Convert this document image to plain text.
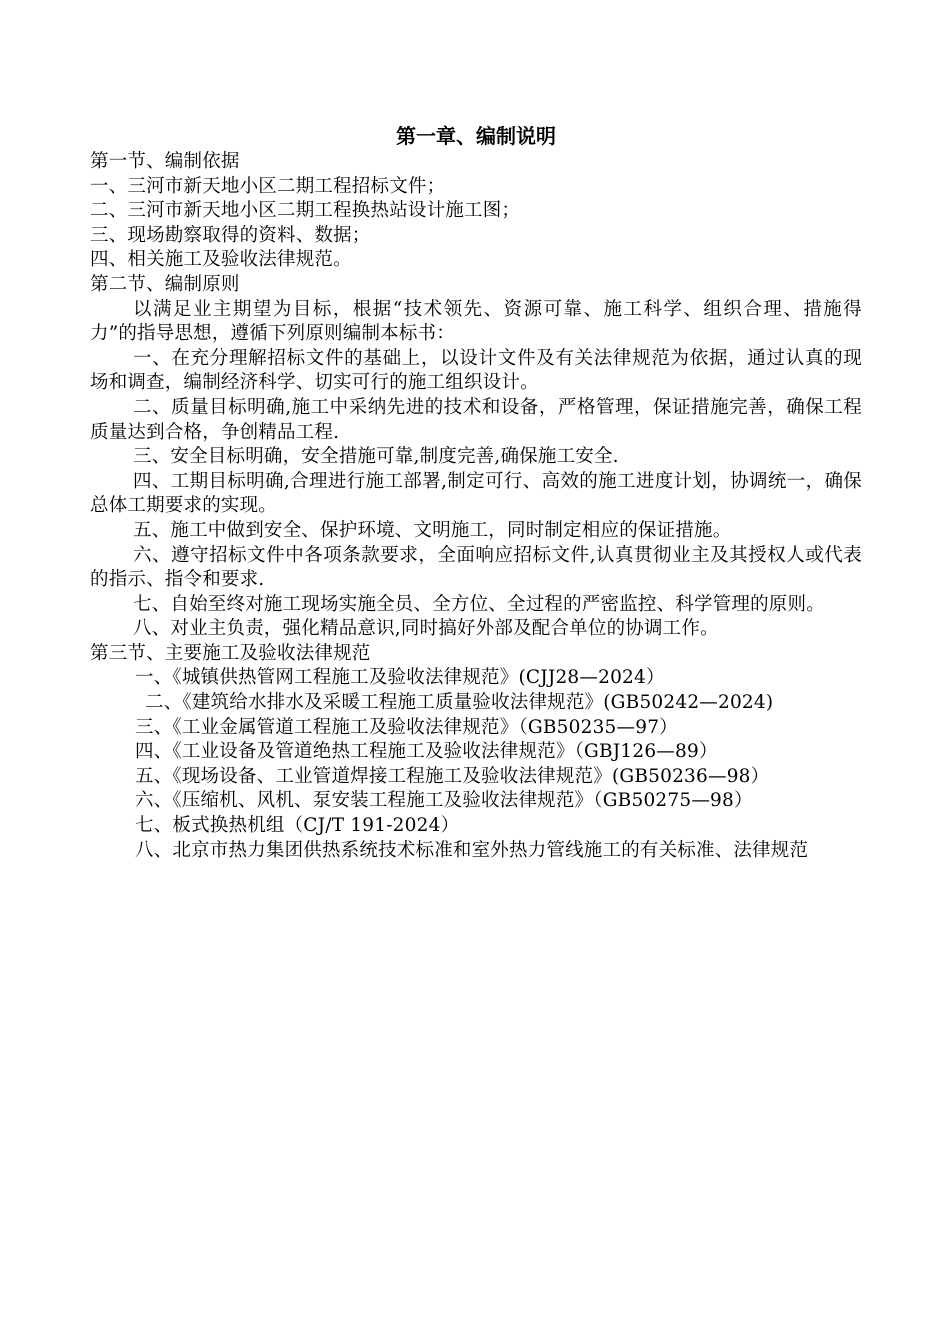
第一章、编制说明
第一节、编制依据
一、三河市新天地小区二期工程招标文件；
二、三河市新天地小区二期工程换热站设计施工图；
三、现场勘察取得的资料、数据；
四、相关施工及验收法律规范。
第二节、编制原则
以满足业主期望为目标，根据“技术领先、资源可靠、施工科学、组织合理、措施得力”的指导思想，遵循下列原则编制本标书：
一、在充分理解招标文件的基础上，以设计文件及有关法律规范为依据，通过认真的现场和调查，编制经济科学、切实可行的施工组织设计。
二、质量目标明确,施工中采纳先进的技术和设备，严格管理，保证措施完善，确保工程质量达到合格，争创精品工程.
三、安全目标明确，安全措施可靠,制度完善,确保施工安全.
四、工期目标明确,合理进行施工部署,制定可行、高效的施工进度计划，协调统一，确保总体工期要求的实现。
五、施工中做到安全、保护环境、文明施工，同时制定相应的保证措施。
六、遵守招标文件中各项条款要求，全面响应招标文件,认真贯彻业主及其授权人或代表的指示、指令和要求.
七、自始至终对施工现场实施全员、全方位、全过程的严密监控、科学管理的原则。
八、对业主负责，强化精品意识,同时搞好外部及配合单位的协调工作。
第三节、主要施工及验收法律规范
一、《城镇供热管网工程施工及验收法律规范》(CJJ28—2024）
二、《建筑给水排水及采暖工程施工质量验收法律规范》(GB50242—2024)
三、《工业金属管道工程施工及验收法律规范》（GB50235—97）
四、《工业设备及管道绝热工程施工及验收法律规范》（GBJ126—89）
五、《现场设备、工业管道焊接工程施工及验收法律规范》(GB50236—98）
六、《压缩机、风机、泵安装工程施工及验收法律规范》（GB50275—98）
七、板式换热机组（CJ/T 191-2024）
八、北京市热力集团供热系统技术标准和室外热力管线施工的有关标准、法律规范
